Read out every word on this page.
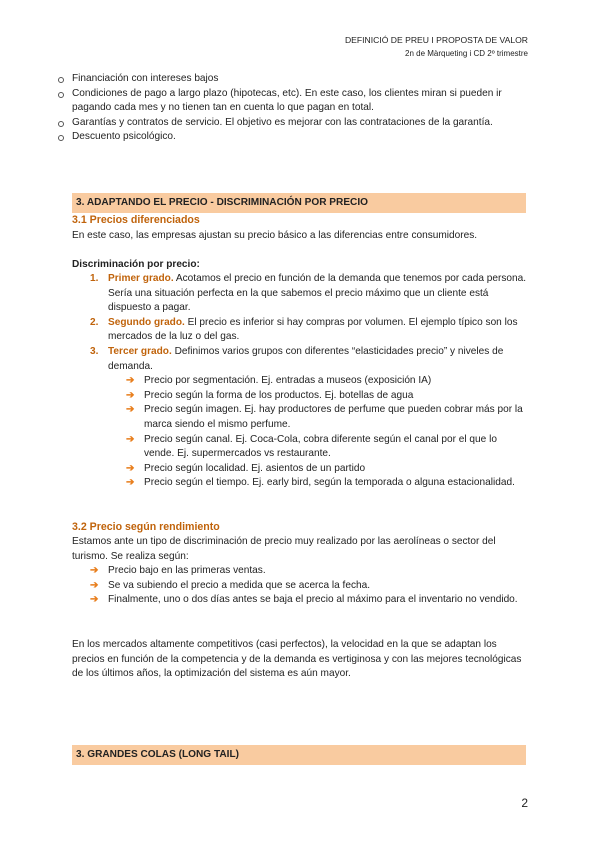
DEFINICIÓ DE PREU I PROPOSTA DE VALOR
2n de Màrqueting i CD 2º trimestre
Financiación con intereses bajos
Condiciones de pago a largo plazo (hipotecas, etc). En este caso, los clientes miran si pueden ir pagando cada mes y no tienen tan en cuenta lo que pagan en total.
Garantías y contratos de servicio. El objetivo es mejorar con las contrataciones de la garantía.
Descuento psicológico.
3. ADAPTANDO EL PRECIO - DISCRIMINACIÓN POR PRECIO
3.1 Precios diferenciados
En este caso, las empresas ajustan su precio básico a las diferencias entre consumidores.
Discriminación por precio:
1. Primer grado. Acotamos el precio en función de la demanda que tenemos por cada persona. Sería una situación perfecta en la que sabemos el precio máximo que un cliente está dispuesto a pagar.
2. Segundo grado. El precio es inferior si hay compras por volumen. El ejemplo típico son los mercados de la luz o del gas.
3. Tercer grado. Definimos varios grupos con diferentes “elasticidades precio” y niveles de demanda.
➔ Precio por segmentación. Ej. entradas a museos (exposición IA)
➔ Precio según la forma de los productos. Ej. botellas de agua
➔ Precio según imagen. Ej. hay productores de perfume que pueden cobrar más por la marca siendo el mismo perfume.
➔ Precio según canal. Ej. Coca-Cola, cobra diferente según el canal por el que lo vende. Ej. supermercados vs restaurante.
➔ Precio según localidad. Ej. asientos de un partido
➔ Precio según el tiempo. Ej. early bird, según la temporada o alguna estacionalidad.
3.2 Precio según rendimiento
Estamos ante un tipo de discriminación de precio muy realizado por las aerolíneas o sector del turismo. Se realiza según:
➔ Precio bajo en las primeras ventas.
➔ Se va subiendo el precio a medida que se acerca la fecha.
➔ Finalmente, uno o dos días antes se baja el precio al máximo para el inventario no vendido.
En los mercados altamente competitivos (casi perfectos), la velocidad en la que se adaptan los precios en función de la competencia y de la demanda es vertiginosa y con las mejores tecnológicas de los últimos años, la optimización del sistema es aún mayor.
3. GRANDES COLAS (LONG TAIL)
2
